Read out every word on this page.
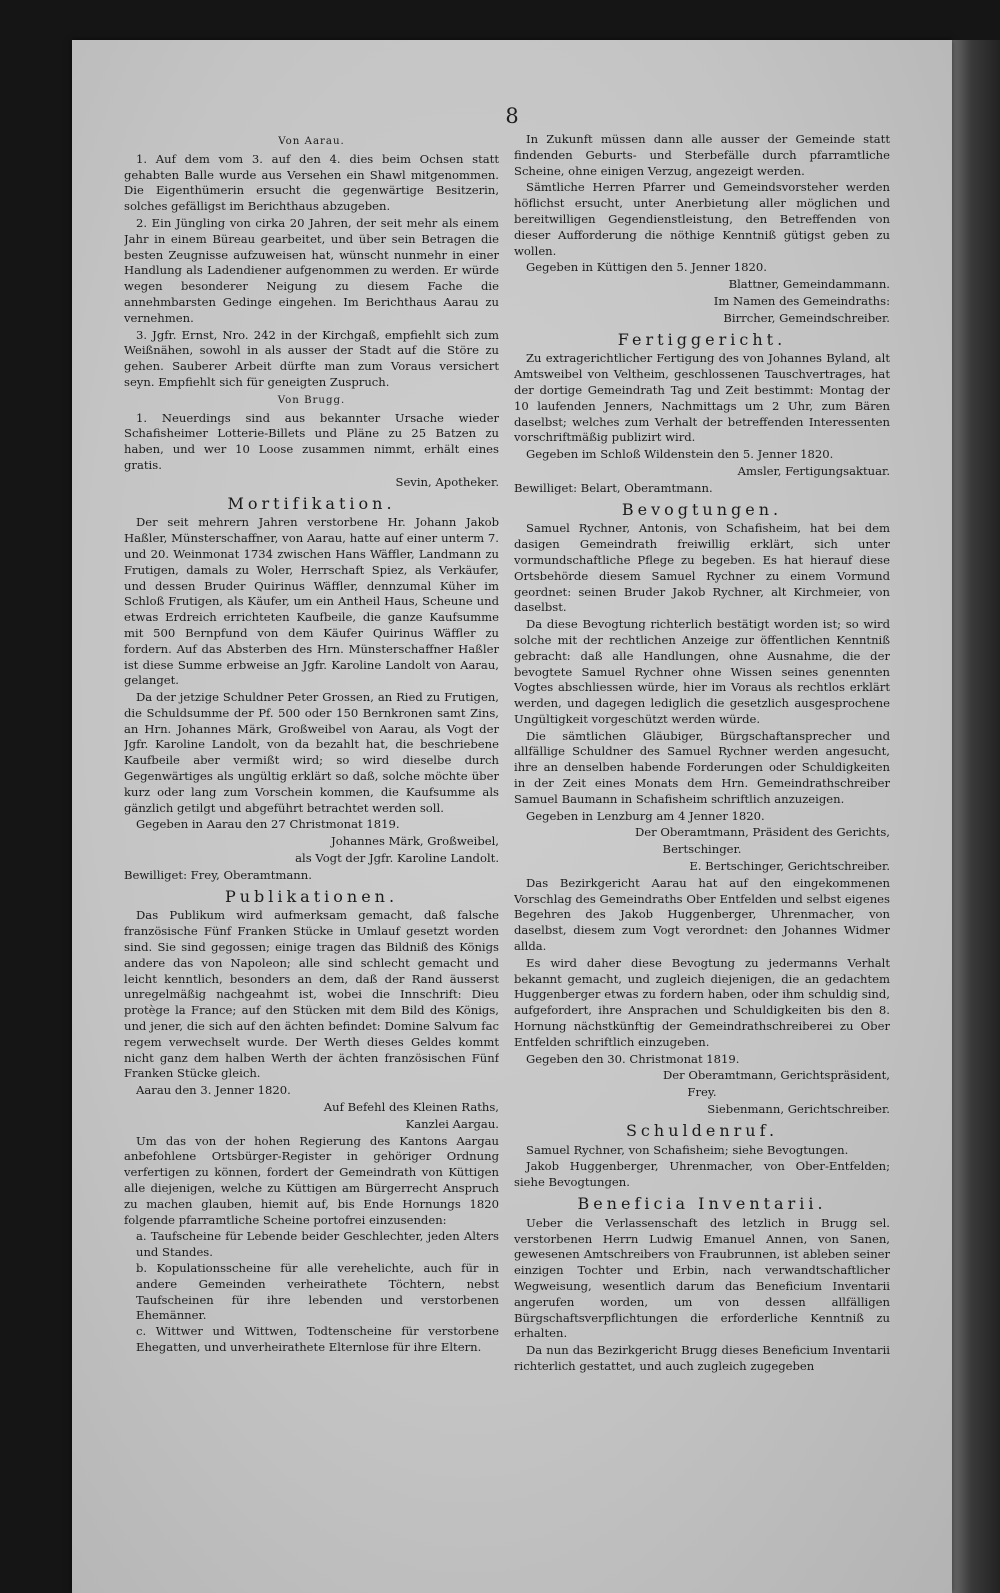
8
Von Aarau.

1. Auf dem vom 3. auf den 4. dies beim Ochsen statt gehabten Balle wurde aus Versehen ein Shawl mitgenommen. Die Eigenthümerin ersucht die gegenwärtige Besitzerin, solches gefälligst im Berichthaus abzugeben.

2. Ein Jüngling von cirka 20 Jahren, der seit mehr als einem Jahr in einem Büreau gearbeitet, und über sein Betragen die besten Zeugnisse aufzuweisen hat, wünscht nunmehr in einer Handlung als Ladendiener aufgenommen zu werden. Er würde wegen besonderer Neigung zu diesem Fache die annehmbarsten Gedinge eingehen. Im Berichthaus Aarau zu vernehmen.

3. Jgfr. Ernst, Nro. 242 in der Kirchgaß, empfiehlt sich zum Weißnähen, sowohl in als ausser der Stadt auf die Störe zu gehen. Sauberer Arbeit dürfte man zum Voraus versichert seyn. Empfiehlt sich für geneigten Zuspruch.

Von Brugg.

1. Neuerdings sind aus bekannter Ursache wieder Schafisheimer Lotterie-Billets und Pläne zu 25 Batzen zu haben, und wer 10 Loose zusammen nimmt, erhält eines gratis.

Sevin, Apotheker.

Mortifikation.

Der seit mehrern Jahren verstorbene Hr. Johann Jakob Haßler, Münsterschaffner, von Aarau, hatte auf einer unterm 7. und 20. Weinmonat 1734 zwischen Hans Wäffler, Landmann zu Frutigen, damals zu Woler, Herrschaft Spiez, als Verkäufer, und dessen Bruder Quirinus Wäffler, dennzumal Küher im Schloß Frutigen, als Käufer, um ein Antheil Haus, Scheune und etwas Erdreich errichteten Kaufbeile, die ganze Kaufsumme mit 500 Bernpfund von dem Käufer Quirinus Wäffler zu fordern. Auf das Absterben des Hrn. Münsterschaffner Haßler ist diese Summe erbweise an Jgfr. Karoline Landolt von Aarau, gelanget.

Da der jetzige Schuldner Peter Grossen, an Ried zu Frutigen, die Schuldsumme der Pf. 500 oder 150 Bernkronen samt Zins, an Hrn. Johannes Märk, Großweibel von Aarau, als Vogt der Jgfr. Karoline Landolt, von da bezahlt hat, die beschriebene Kaufbeile aber vermißt wird; so wird dieselbe durch Gegenwärtiges als ungültig erklärt so daß, solche möchte über kurz oder lang zum Vorschein kommen, die Kaufsumme als gänzlich getilgt und abgeführt betrachtet werden soll.

Gegeben in Aarau den 27 Christmonat 1819.

Johannes Märk, Großweibel,

als Vogt der Jgfr. Karoline Landolt.

Bewilliget: Frey, Oberamtmann.

Publikationen.

Das Publikum wird aufmerksam gemacht, daß falsche französische Fünf Franken Stücke in Umlauf gesetzt worden sind. Sie sind gegossen; einige tragen das Bildniß des Königs andere das von Napoleon; alle sind schlecht gemacht und leicht kenntlich, besonders an dem, daß der Rand äusserst unregelmäßig nachgeahmt ist, wobei die Innschrift: Dieu protège la France; auf den Stücken mit dem Bild des Königs, und jener, die sich auf den ächten befindet: Domine Salvum fac regem verwechselt wurde. Der Werth dieses Geldes kommt nicht ganz dem halben Werth der ächten französischen Fünf Franken Stücke gleich.

Aarau den 3. Jenner 1820.

Auf Befehl des Kleinen Raths,

Kanzlei Aargau.

Um das von der hohen Regierung des Kantons Aargau anbefohlene Ortsbürger-Register in gehöriger Ordnung verfertigen zu können, fordert der Gemeindrath von Küttigen alle diejenigen, welche zu Küttigen am Bürgerrecht Anspruch zu machen glauben, hiemit auf, bis Ende Hornungs 1820 folgende pfarramtliche Scheine portofrei einzusenden:

a. Taufscheine für Lebende beider Geschlechter, jeden Alters und Standes.
b. Kopulationsscheine für alle verehelichte, auch für in andere Gemeinden verheirathete Töchtern, nebst Taufscheinen für ihre lebenden und verstorbenen Ehemänner.
c. Wittwer und Wittwen, Todtenscheine für verstorbene Ehegatten, und unverheirathete Elternlose für ihre Eltern.

In Zukunft müssen dann alle ausser der Gemeinde statt findenden Geburts- und Sterbefälle durch pfarramtliche Scheine, ohne einigen Verzug, angezeigt werden.

Sämtliche Herren Pfarrer und Gemeindsvorsteher werden höflichst ersucht, unter Anerbietung aller möglichen und bereitwilligen Gegendienstleistung, den Betreffenden von dieser Aufforderung die nöthige Kenntniß gütigst geben zu wollen.

Gegeben in Küttigen den 5. Jenner 1820.

Blattner, Gemeindammann.

Im Namen des Gemeindraths:

Birrcher, Gemeindschreiber.

Fertiggericht.

Zu extragerichtlicher Fertigung des von Johannes Byland, alt Amtsweibel von Veltheim, geschlossenen Tauschvertrages, hat der dortige Gemeindrath Tag und Zeit bestimmt: Montag der 10 laufenden Jenners, Nachmittags um 2 Uhr, zum Bären daselbst; welches zum Verhalt der betreffenden Interessenten vorschriftmäßig publizirt wird.

Gegeben im Schloß Wildenstein den 5. Jenner 1820.

Amsler, Fertigungsaktuar.

Bewilliget: Belart, Oberamtmann.

Bevogtungen.

Samuel Rychner, Antonis, von Schafisheim, hat bei dem dasigen Gemeindrath freiwillig erklärt, sich unter vormundschaftliche Pflege zu begeben. Es hat hierauf diese Ortsbehörde diesem Samuel Rychner zu einem Vormund geordnet: seinen Bruder Jakob Rychner, alt Kirchmeier, von daselbst.

Da diese Bevogtung richterlich bestätigt worden ist; so wird solche mit der rechtlichen Anzeige zur öffentlichen Kenntniß gebracht: daß alle Handlungen, ohne Ausnahme, die der bevogtete Samuel Rychner ohne Wissen seines genennten Vogtes abschliessen würde, hier im Voraus als rechtlos erklärt werden, und dagegen lediglich die gesetzlich ausgesprochene Ungültigkeit vorgeschützt werden würde.

Die sämtlichen Gläubiger, Bürgschaftansprecher und allfällige Schuldner des Samuel Rychner werden angesucht, ihre an denselben habende Forderungen oder Schuldigkeiten in der Zeit eines Monats dem Hrn. Gemeindrathschreiber Samuel Baumann in Schafisheim schriftlich anzuzeigen.

Gegeben in Lenzburg am 4 Jenner 1820.

Der Oberamtmann, Präsident des Gerichts,

Bertschinger.

E. Bertschinger, Gerichtschreiber.

Das Bezirkgericht Aarau hat auf den eingekommenen Vorschlag des Gemeindraths Ober Entfelden und selbst eigenes Begehren des Jakob Huggenberger, Uhrenmacher, von daselbst, diesem zum Vogt verordnet: den Johannes Widmer allda.

Es wird daher diese Bevogtung zu jedermanns Verhalt bekannt gemacht, und zugleich diejenigen, die an gedachtem Huggenberger etwas zu fordern haben, oder ihm schuldig sind, aufgefordert, ihre Ansprachen und Schuldigkeiten bis den 8. Hornung nächstkünftig der Gemeindrathschreiberei zu Ober Entfelden schriftlich einzugeben.

Gegeben den 30. Christmonat 1819.

Der Oberamtmann, Gerichtspräsident,

Frey.

Siebenmann, Gerichtschreiber.

Schuldenruf.

Samuel Rychner, von Schafisheim; siehe Bevogtungen.

Jakob Huggenberger, Uhrenmacher, von Ober-Entfelden; siehe Bevogtungen.

Beneficia Inventarii.

Ueber die Verlassenschaft des letzlich in Brugg sel. verstorbenen Herrn Ludwig Emanuel Annen, von Sanen, gewesenen Amtschreibers von Fraubrunnen, ist ableben seiner einzigen Tochter und Erbin, nach verwandtschaftlicher Wegweisung, wesentlich darum das Beneficium Inventarii angerufen worden, um von dessen allfälligen Bürgschaftsverpflichtungen die erforderliche Kenntniß zu erhalten.

Da nun das Bezirkgericht Brugg dieses Beneficium Inventarii richterlich gestattet, und auch zugleich zugegeben
